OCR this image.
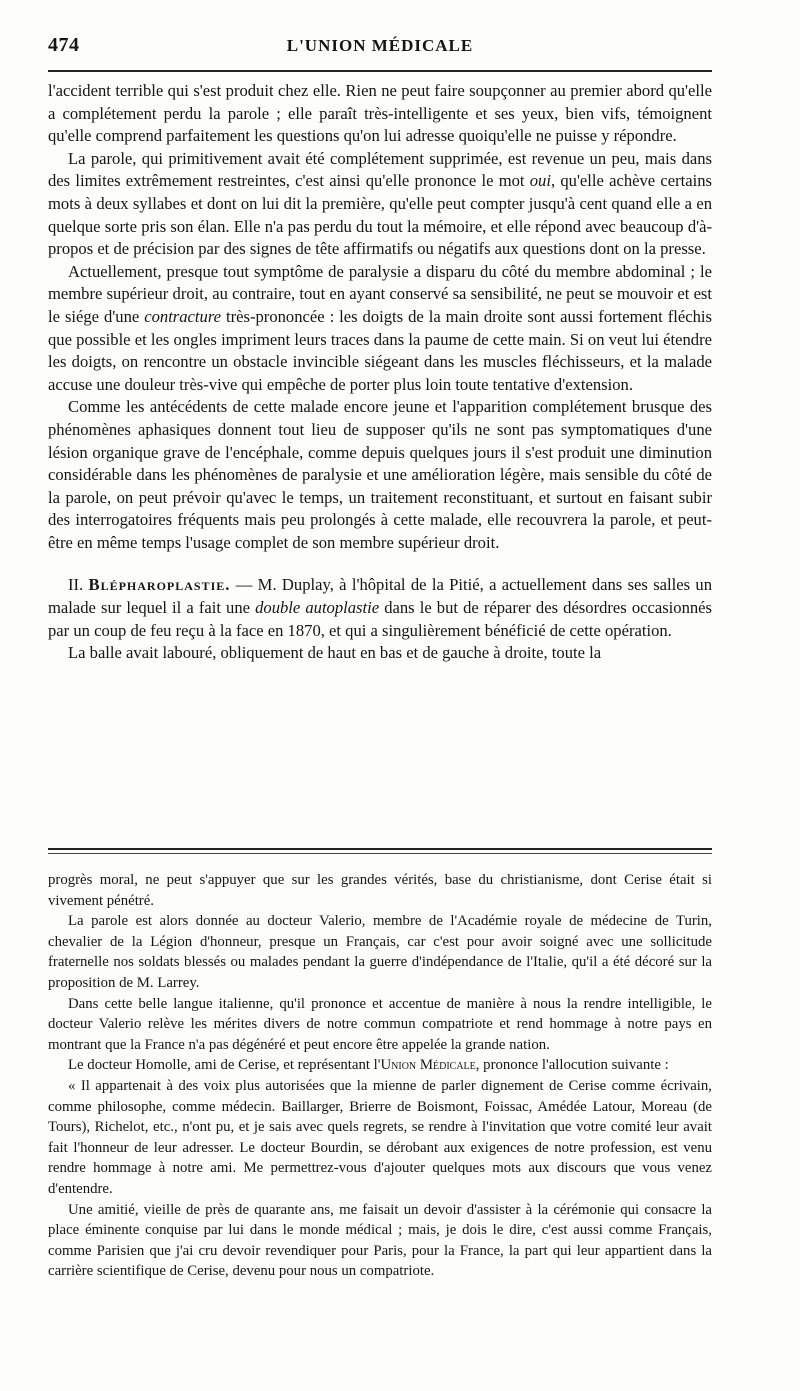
474	L'UNION MÉDICALE

l'accident terrible qui s'est produit chez elle. Rien ne peut faire soupçonner au premier abord qu'elle a complétement perdu la parole ; elle paraît très-intelligente et ses yeux, bien vifs, témoignent qu'elle comprend parfaitement les questions qu'on lui adresse quoiqu'elle ne puisse y répondre.

La parole, qui primitivement avait été complétement supprimée, est revenue un peu, mais dans des limites extrêmement restreintes, c'est ainsi qu'elle prononce le mot oui, qu'elle achève certains mots à deux syllabes et dont on lui dit la première, qu'elle peut compter jusqu'à cent quand elle a en quelque sorte pris son élan. Elle n'a pas perdu du tout la mémoire, et elle répond avec beaucoup d'à-propos et de précision par des signes de tête affirmatifs ou négatifs aux questions dont on la presse.

Actuellement, presque tout symptôme de paralysie a disparu du côté du membre abdominal ; le membre supérieur droit, au contraire, tout en ayant conservé sa sensibilité, ne peut se mouvoir et est le siége d'une contracture très-prononcée : les doigts de la main droite sont aussi fortement fléchis que possible et les ongles impriment leurs traces dans la paume de cette main. Si on veut lui étendre les doigts, on rencontre un obstacle invincible siégeant dans les muscles fléchisseurs, et la malade accuse une douleur très-vive qui empêche de porter plus loin toute tentative d'extension.

Comme les antécédents de cette malade encore jeune et l'apparition complétement brusque des phénomènes aphasiques donnent tout lieu de supposer qu'ils ne sont pas symptomatiques d'une lésion organique grave de l'encéphale, comme depuis quelques jours il s'est produit une diminution considérable dans les phénomènes de paralysie et une amélioration légère, mais sensible du côté de la parole, on peut prévoir qu'avec le temps, un traitement reconstituant, et surtout en faisant subir des interrogatoires fréquents mais peu prolongés à cette malade, elle recouvrera la parole, et peut-être en même temps l'usage complet de son membre supérieur droit.

II. Blépharoplastie. — M. Duplay, à l'hôpital de la Pitié, a actuellement dans ses salles un malade sur lequel il a fait une double autoplastie dans le but de réparer des désordres occasionnés par un coup de feu reçu à la face en 1870, et qui a singulièrement bénéficié de cette opération.

La balle avait labouré, obliquement de haut en bas et de gauche à droite, toute la

progrès moral, ne peut s'appuyer que sur les grandes vérités, base du christianisme, dont Cerise était si vivement pénétré.

La parole est alors donnée au docteur Valerio, membre de l'Académie royale de médecine de Turin, chevalier de la Légion d'honneur, presque un Français, car c'est pour avoir soigné avec une sollicitude fraternelle nos soldats blessés ou malades pendant la guerre d'indépendance de l'Italie, qu'il a été décoré sur la proposition de M. Larrey.

Dans cette belle langue italienne, qu'il prononce et accentue de manière à nous la rendre intelligible, le docteur Valerio relève les mérites divers de notre commun compatriote et rend hommage à notre pays en montrant que la France n'a pas dégénéré et peut encore être appelée la grande nation.

Le docteur Homolle, ami de Cerise, et représentant l'Union Médicale, prononce l'allocution suivante :

« Il appartenait à des voix plus autorisées que la mienne de parler dignement de Cerise comme écrivain, comme philosophe, comme médecin. Baillarger, Brierre de Boismont, Foissac, Amédée Latour, Moreau (de Tours), Richelot, etc., n'ont pu, et je sais avec quels regrets, se rendre à l'invitation que votre comité leur avait fait l'honneur de leur adresser. Le docteur Bourdin, se dérobant aux exigences de notre profession, est venu rendre hommage à notre ami. Me permettrez-vous d'ajouter quelques mots aux discours que vous venez d'entendre.

Une amitié, vieille de près de quarante ans, me faisait un devoir d'assister à la cérémonie qui consacre la place éminente conquise par lui dans le monde médical ; mais, je dois le dire, c'est aussi comme Français, comme Parisien que j'ai cru devoir revendiquer pour Paris, pour la France, la part qui leur appartient dans la carrière scientifique de Cerise, devenu pour nous un compatriote.
